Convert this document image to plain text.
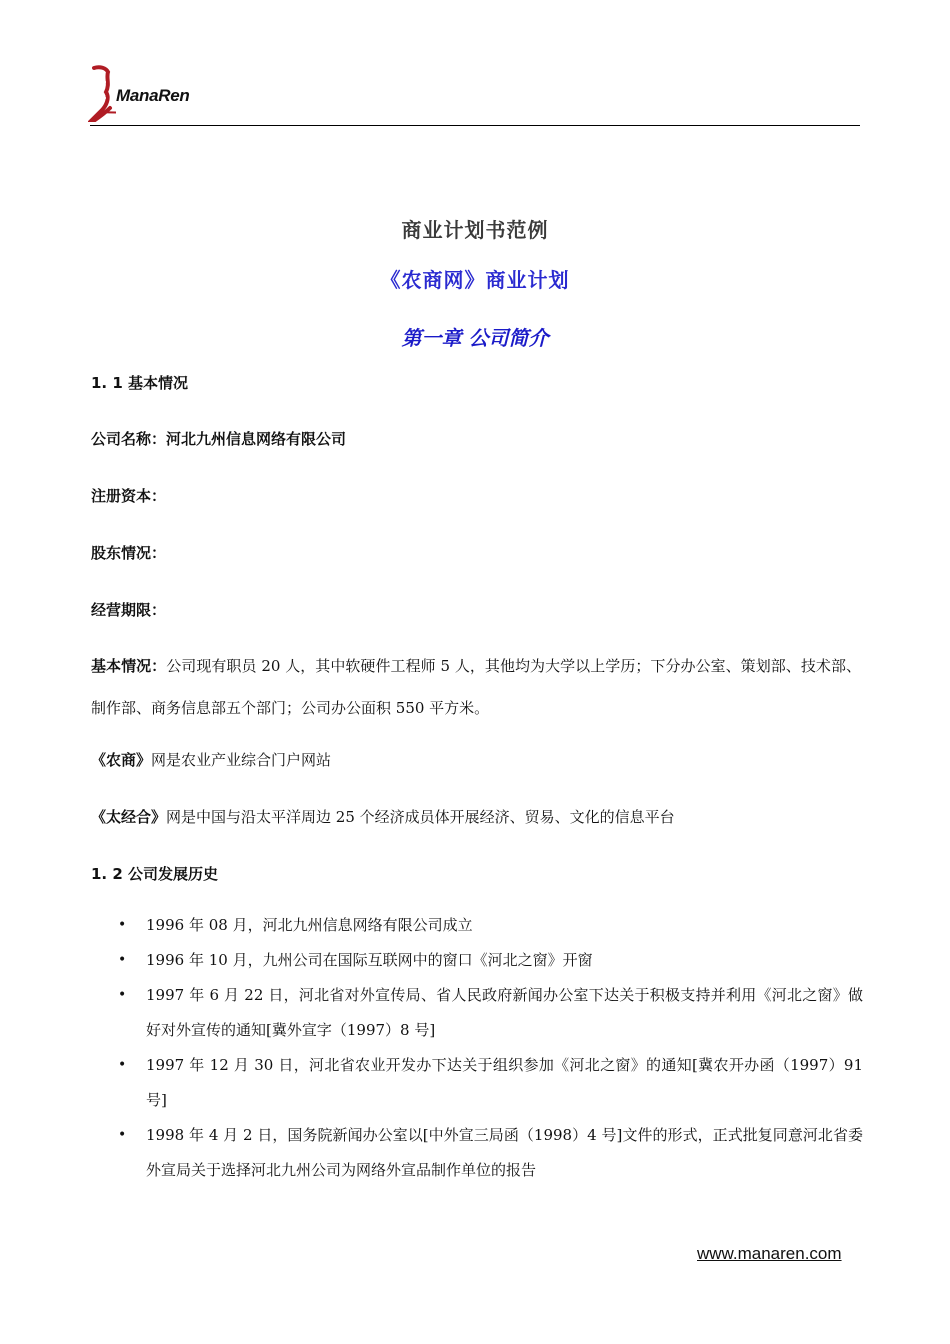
ManaRen
商业计划书范例
《农商网》商业计划
第一章 公司简介
1. 1 基本情况
公司名称：河北九州信息网络有限公司
注册资本：
股东情况：
经营期限：
基本情况：公司现有职员 20 人，其中软硬件工程师 5 人，其他均为大学以上学历；下分办公室、策划部、技术部、制作部、商务信息部五个部门；公司办公面积 550 平方米。
《农商》网是农业产业综合门户网站
《太经合》网是中国与沿太平洋周边 25 个经济成员体开展经济、贸易、文化的信息平台
1. 2 公司发展历史
• 1996 年 08 月，河北九州信息网络有限公司成立
• 1996 年 10 月，九州公司在国际互联网中的窗口《河北之窗》开窗
• 1997 年 6 月 22 日，河北省对外宣传局、省人民政府新闻办公室下达关于积极支持并利用《河北之窗》做好对外宣传的通知[冀外宣字（1997）8 号]
• 1997 年 12 月 30 日，河北省农业开发办下达关于组织参加《河北之窗》的通知[冀农开办函（1997）91 号]
• 1998 年 4 月 2 日，国务院新闻办公室以[中外宣三局函（1998）4 号]文件的形式，正式批复同意河北省委外宣局关于选择河北九州公司为网络外宣品制作单位的报告
www.manaren.com
